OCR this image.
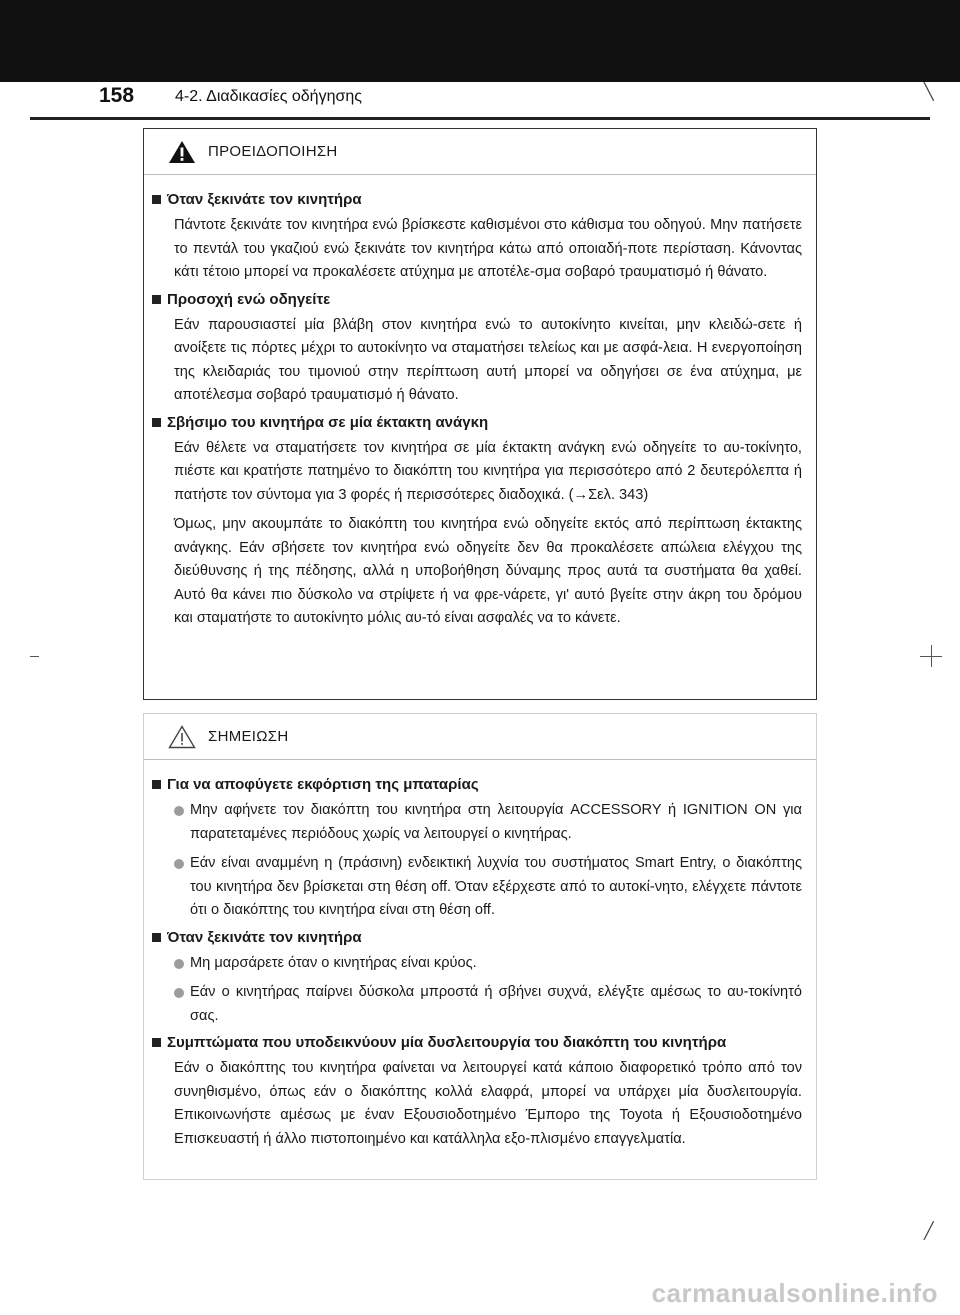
158	4-2. Διαδικασίες οδήγησης	╲
╱
ΠΡΟΕΙΔΟΠΟΙΗΣΗ
Όταν ξεκινάτε τον κινητήρα
Πάντοτε ξεκινάτε τον κινητήρα ενώ βρίσκεστε καθισμένοι στο κάθισμα του οδηγού. Μην πατήσετε το πεντάλ του γκαζιού ενώ ξεκινάτε τον κινητήρα κάτω από οποιαδή-ποτε περίσταση. Κάνοντας κάτι τέτοιο μπορεί να προκαλέσετε ατύχημα με αποτέλε-σμα σοβαρό τραυματισμό ή θάνατο.
Προσοχή ενώ οδηγείτε
Εάν παρουσιαστεί μία βλάβη στον κινητήρα ενώ το αυτοκίνητο κινείται, μην κλειδώ-σετε ή ανοίξετε τις πόρτες μέχρι το αυτοκίνητο να σταματήσει τελείως και με ασφά-λεια. Η ενεργοποίηση της κλειδαριάς του τιμονιού στην περίπτωση αυτή μπορεί να οδηγήσει σε ένα ατύχημα, με αποτέλεσμα σοβαρό τραυματισμό ή θάνατο.
Σβήσιμο του κινητήρα σε μία έκτακτη ανάγκη
Εάν θέλετε να σταματήσετε τον κινητήρα σε μία έκτακτη ανάγκη ενώ οδηγείτε το αυ-τοκίνητο, πιέστε και κρατήστε πατημένο το διακόπτη του κινητήρα για περισσότερο από 2 δευτερόλεπτα ή πατήστε τον σύντομα για 3 φορές ή περισσότερες διαδοχικά. (→Σελ. 343)
Όμως, μην ακουμπάτε το διακόπτη του κινητήρα ενώ οδηγείτε εκτός από περίπτωση έκτακτης ανάγκης. Εάν σβήσετε τον κινητήρα ενώ οδηγείτε δεν θα προκαλέσετε απώλεια ελέγχου της διεύθυνσης ή της πέδησης, αλλά η υποβοήθηση δύναμης προς αυτά τα συστήματα θα χαθεί. Αυτό θα κάνει πιο δύσκολο να στρίψετε ή να φρε-νάρετε, γι' αυτό βγείτε στην άκρη του δρόμου και σταματήστε το αυτοκίνητο μόλις αυ-τό είναι ασφαλές να το κάνετε.
ΣΗΜΕΙΩΣΗ
Για να αποφύγετε εκφόρτιση της μπαταρίας
Μην αφήνετε τον διακόπτη του κινητήρα στη λειτουργία ACCESSORY ή IGNITION ON για παρατεταμένες περιόδους χωρίς να λειτουργεί ο κινητήρας.
Εάν είναι αναμμένη η (πράσινη) ενδεικτική λυχνία του συστήματος Smart Entry, ο διακόπτης του κινητήρα δεν βρίσκεται στη θέση off. Όταν εξέρχεστε από το αυτοκί-νητο, ελέγχετε πάντοτε ότι ο διακόπτης του κινητήρα είναι στη θέση off.
Όταν ξεκινάτε τον κινητήρα
Μη μαρσάρετε όταν ο κινητήρας είναι κρύος.
Εάν ο κινητήρας παίρνει δύσκολα μπροστά ή σβήνει συχνά, ελέγξτε αμέσως το αυ-τοκίνητό σας.
Συμπτώματα που υποδεικνύουν μία δυσλειτουργία του διακόπτη του κινητήρα
Εάν ο διακόπτης του κινητήρα φαίνεται να λειτουργεί κατά κάποιο διαφορετικό τρόπο από τον συνηθισμένο, όπως εάν ο διακόπτης κολλά ελαφρά, μπορεί να υπάρχει μία δυσλειτουργία. Επικοινωνήστε αμέσως με έναν Εξουσιοδοτημένο Έμπορο της Toyota ή Εξουσιοδοτημένο Επισκευαστή ή άλλο πιστοποιημένο και κατάλληλα εξο-πλισμένο επαγγελματία.
carmanualsonline.info
